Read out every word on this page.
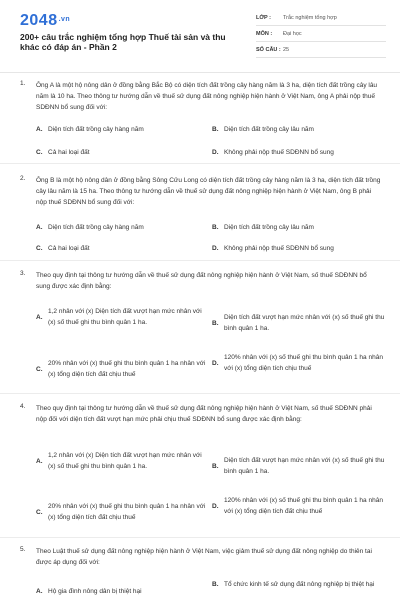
$2048^{.vn}$
200+ câu trắc nghiệm tổng hợp Thuế tài sản và thu khác có đáp án - Phần 2
LỚP :	Trắc nghiệm tổng hợp
MÔN :	Đại học
SỐ CÂU : 25
1. Ông A là một hộ nông dân ở đồng bằng Bắc Bộ có diện tích đất trồng cây hàng năm là 3 ha, diện tích đất trồng cây lâu năm là 10 ha. Theo thông tư hướng dẫn về thuế sử dụng đất nông nghiệp hiện hành ở Việt Nam, ông A phải nộp thuế SDĐNN bổ sung đối với:
A. Diện tích đất trồng cây hàng năm	B. Diện tích đất trồng cây lâu năm
C. Cả hai loại đất	D. Không phải nộp thuế SDĐNN bổ sung
2. Ông B là một hộ nông dân ở đồng bằng Sông Cửu Long có diện tích đất trồng cây hàng năm là 3 ha, diện tích đất trồng cây lâu năm là 15 ha. Theo thông tư hướng dẫn về thuế sử dụng đất nông nghiệp hiện hành ở Việt Nam, ông B phải nộp thuế SDĐNN bổ sung đối với:
A. Diện tích đất trồng cây hàng năm	B. Diện tích đất trồng cây lâu năm
C. Cả hai loại đất	D. Không phải nộp thuế SDĐNN bổ sung
3. Theo quy định tại thông tư hướng dẫn về thuế sử dụng đất nông nghiệp hiện hành ở Việt Nam, số thuế SDĐNN bổ sung được xác định bằng:
A.
1,2 nhân với (x) Diện tích đất vượt hạn mức nhân với (x) số thuế ghi thu bình quân 1 ha.	B.
Diện tích đất vượt hạn mức nhân với (x) số thuế ghi thu bình quân 1 ha.
C.
20% nhân với (x) thuế ghi thu bình quân 1 ha nhân với (x) tổng diện tích đất chịu thuế
D.
120% nhân với (x) số thuế ghi thu bình quân 1 ha nhân với (x) tổng diện tích chịu thuế
4. Theo quy định tại thông tư hướng dẫn về thuế sử dụng đất nông nghiệp hiện hành ở Việt Nam, số thuế SDĐNN phải nộp đối với diện tích đất vượt hạn mức phải chịu thuế SDĐNN bổ sung được xác định bằng:
A.
1,2 nhân với (x) Diện tích đất vượt hạn mức nhân với (x) số thuế ghi thu bình quân 1 ha.	B.
Diện tích đất vượt hạn mức nhân với (x) số thuế ghi thu bình quân 1 ha.
C.
20% nhân với (x) thuế ghi thu bình quân 1 ha nhân với (x) tổng diện tích đất chịu thuế
D.
120% nhân với (x) số thuế ghi thu bình quân 1 ha nhân với (x) tổng diện tích đất chịu thuế
5. Theo Luật thuế sử dụng đất nông nghiệp hiện hành ở Việt Nam, việc giảm thuế sử dụng đất nông nghiệp do thiên tai được áp dụng đối với:
A. Hộ gia đình nông dân bị thiệt hại
B. Tổ chức kinh tế sử dụng đất nông nghiệp bị thiệt hại
